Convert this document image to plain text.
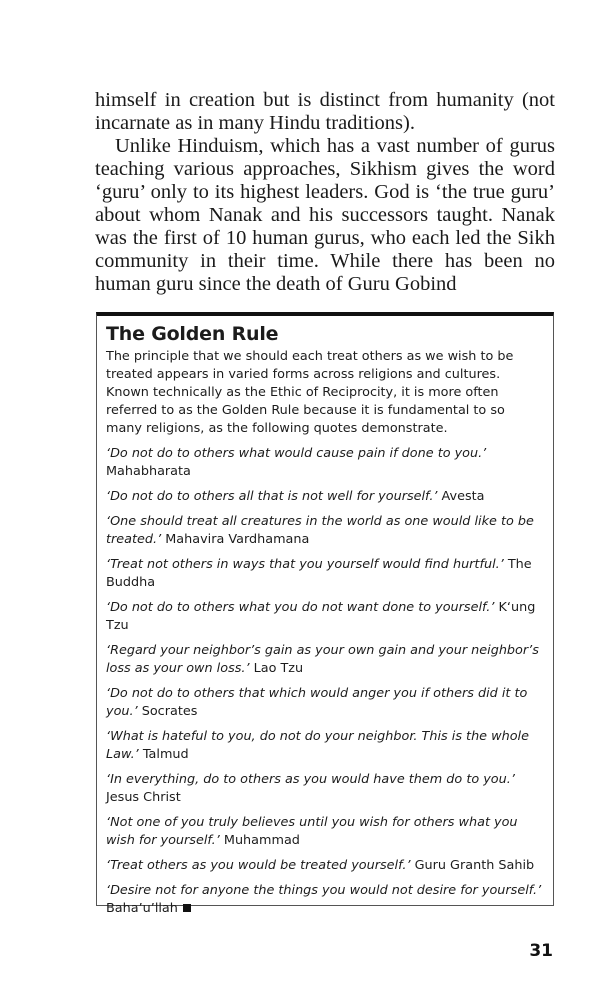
himself in creation but is distinct from humanity (not incarnate as in many Hindu traditions).

Unlike Hinduism, which has a vast number of gurus teaching various approaches, Sikhism gives the word ‘guru’ only to its highest leaders. God is ‘the true guru’ about whom Nanak and his successors taught. Nanak was the first of 10 human gurus, who each led the Sikh community in their time. While there has been no human guru since the death of Guru Gobind

The Golden Rule
The principle that we should each treat others as we wish to be treated appears in varied forms across religions and cultures. Known technically as the Ethic of Reciprocity, it is more often referred to as the Golden Rule because it is fundamental to so many religions, as the following quotes demonstrate.
‘Do not do to others what would cause pain if done to you.’ Mahabharata
‘Do not do to others all that is not well for yourself.’ Avesta
‘One should treat all creatures in the world as one would like to be treated.’ Mahavira Vardhamana
‘Treat not others in ways that you yourself would find hurtful.’ The Buddha
‘Do not do to others what you do not want done to yourself.’ K‘ung Tzu
‘Regard your neighbor’s gain as your own gain and your neighbor’s loss as your own loss.’ Lao Tzu
‘Do not do to others that which would anger you if others did it to you.’ Socrates
‘What is hateful to you, do not do your neighbor. This is the whole Law.’ Talmud
‘In everything, do to others as you would have them do to you.’ Jesus Christ
‘Not one of you truly believes until you wish for others what you wish for yourself.’ Muhammad
‘Treat others as you would be treated yourself.’ Guru Granth Sahib
‘Desire not for anyone the things you would not desire for yourself.’ Baha’u’llah
31
